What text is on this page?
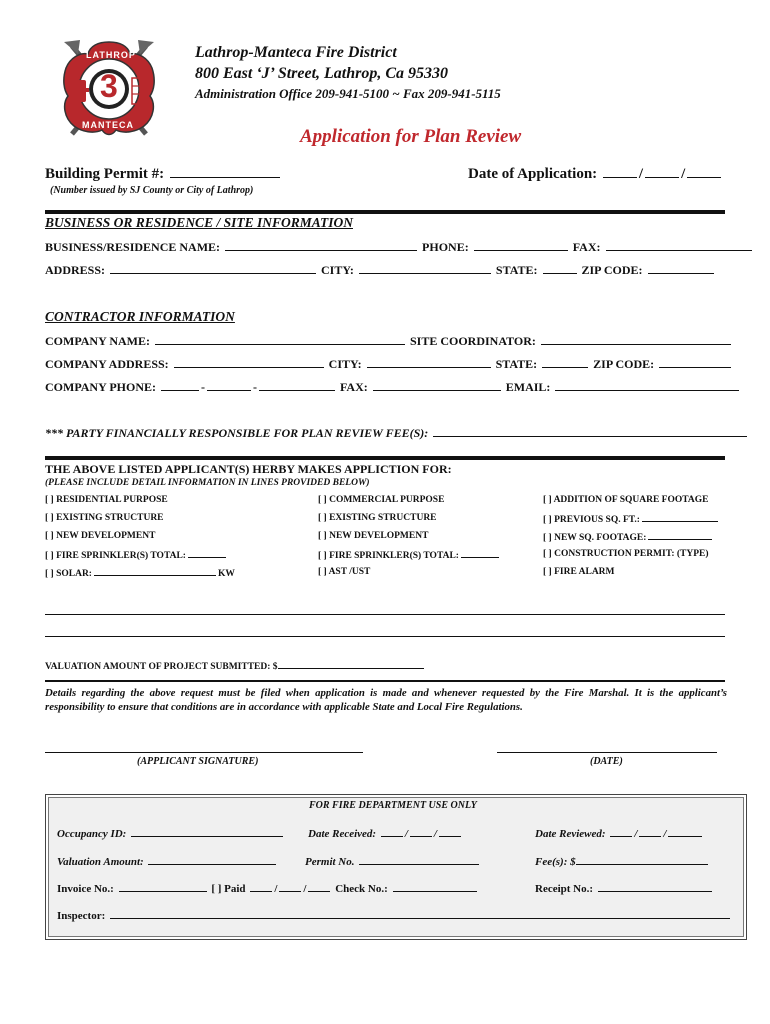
LATHROP
3
MANTECA
Lathrop-Manteca Fire District
800 East ‘J’ Street, Lathrop, Ca 95330
Administration Office 209-941-5100 ~ Fax 209-941-5115
Application for Plan Review
Building Permit #:
(Number issued by SJ County or City of Lathrop)
Date of Application:	/	/
BUSINESS OR RESIDENCE / SITE INFORMATION
BUSINESS/RESIDENCE NAME:	PHONE:	FAX:
ADDRESS:	CITY:	STATE:	ZIP CODE:
CONTRACTOR INFORMATION
COMPANY NAME:	SITE COORDINATOR:
COMPANY ADDRESS:	CITY:	STATE:	ZIP CODE:
COMPANY PHONE:	-	-	FAX:	EMAIL:
*** PARTY FINANCIALLY RESPONSIBLE FOR PLAN REVIEW FEE(S):
THE ABOVE LISTED APPLICANT(S) HERBY MAKES APPLICTION FOR:
(PLEASE INCLUDE DETAIL INFORMATION IN LINES PROVIDED BELOW)
[ ] RESIDENTIAL PURPOSE
[ ] EXISTING STRUCTURE
[ ] NEW DEVELOPMENT
[ ] FIRE SPRINKLER(S) TOTAL:
[ ] SOLAR:	KW
[ ] COMMERCIAL PURPOSE
[ ] EXISTING STRUCTURE
[ ] NEW DEVELOPMENT
[ ] FIRE SPRINKLER(S) TOTAL:
[ ] AST /UST
[ ] ADDITION OF SQUARE FOOTAGE
[ ] PREVIOUS SQ. FT.:
[ ] NEW SQ. FOOTAGE:
[ ] CONSTRUCTION PERMIT: (TYPE)
[ ] FIRE ALARM
VALUATION AMOUNT OF PROJECT SUBMITTED: $
Details regarding the above request must be filed when application is made and whenever requested by the Fire Marshal. It is the applicant’s responsibility to ensure that conditions are in accordance with applicable State and Local Fire Regulations.
(APPLICANT SIGNATURE)	(DATE)
FOR FIRE DEPARTMENT USE ONLY
Occupancy ID:	Date Received:	/ /	Date Reviewed:	/ /
Valuation Amount:	Permit No.	Fee(s): $
Invoice No.:	[ ] Paid	/ /	Check No.:	Receipt No.:
Inspector:
